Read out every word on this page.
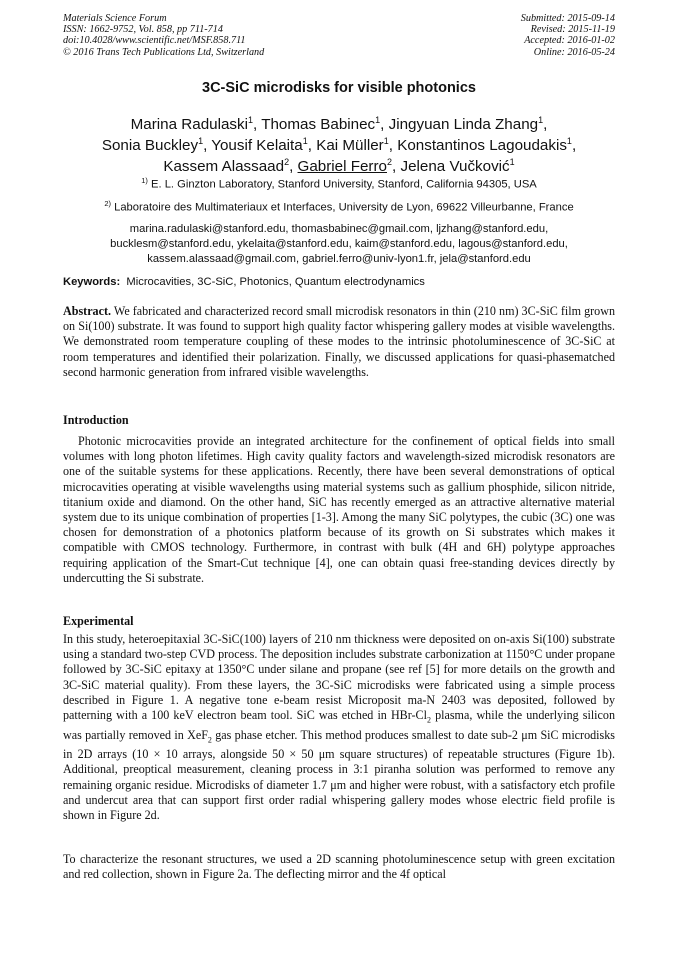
Materials Science Forum
ISSN: 1662-9752, Vol. 858, pp 711-714
doi:10.4028/www.scientific.net/MSF.858.711
© 2016 Trans Tech Publications Ltd, Switzerland
Submitted: 2015-09-14
Revised: 2015-11-19
Accepted: 2016-01-02
Online: 2016-05-24
3C-SiC microdisks for visible photonics
Marina Radulaski$^1$, Thomas Babinec$^1$, Jingyuan Linda Zhang$^1$,
Sonia Buckley$^1$, Yousif Kelaita$^1$, Kai Müller$^1$, Konstantinos Lagoudakis$^1$,
Kassem Alassaad$^2$, Gabriel Ferro$^2$, Jelena Vučković$^1$
$^{1)}$ E. L. Ginzton Laboratory, Stanford University, Stanford, California 94305, USA
$^{2)}$ Laboratoire des Multimateriaux et Interfaces, University de Lyon, 69622 Villeurbanne, France
marina.radulaski@stanford.edu, thomasbabinec@gmail.com, ljzhang@stanford.edu,
bucklesm@stanford.edu, ykelaita@stanford.edu, kaim@stanford.edu, lagous@stanford.edu,
kassem.alassaad@gmail.com, gabriel.ferro@univ-lyon1.fr, jela@stanford.edu
Keywords: Microcavities, 3C-SiC, Photonics, Quantum electrodynamics
Abstract. We fabricated and characterized record small microdisk resonators in thin (210 nm) 3C-SiC film grown on Si(100) substrate. It was found to support high quality factor whispering gallery modes at visible wavelengths. We demonstrated room temperature coupling of these modes to the intrinsic photoluminescence of 3C-SiC at room temperatures and identified their polarization. Finally, we discussed applications for quasi-phasematched second harmonic generation from infrared visible wavelengths.
Introduction
Photonic microcavities provide an integrated architecture for the confinement of optical fields into small volumes with long photon lifetimes. High cavity quality factors and wavelength-sized microdisk resonators are one of the suitable systems for these applications. Recently, there have been several demonstrations of optical microcavities operating at visible wavelengths using material systems such as gallium phosphide, silicon nitride, titanium oxide and diamond. On the other hand, SiC has recently emerged as an attractive alternative material system due to its unique combination of properties [1-3]. Among the many SiC polytypes, the cubic (3C) one was chosen for demonstration of a photonics platform because of its growth on Si substrates which makes it compatible with CMOS technology. Furthermore, in contrast with bulk (4H and 6H) polytype approaches requiring application of the Smart-Cut technique [4], one can obtain quasi free-standing devices directly by undercutting the Si substrate.
Experimental
In this study, heteroepitaxial 3C-SiC(100) layers of 210 nm thickness were deposited on on-axis Si(100) substrate using a standard two-step CVD process. The deposition includes substrate carbonization at 1150°C under propane followed by 3C-SiC epitaxy at 1350°C under silane and propane (see ref [5] for more details on the growth and 3C-SiC material quality). From these layers, the 3C-SiC microdisks were fabricated using a simple process described in Figure 1. A negative tone e-beam resist Microposit ma-N 2403 was deposited, followed by patterning with a 100 keV electron beam tool. SiC was etched in HBr-$Cl_2$ plasma, while the underlying silicon was partially removed in XeF$_2$ gas phase etcher. This method produces smallest to date sub-2 μm SiC microdisks in 2D arrays (10 × 10 arrays, alongside 50 × 50 μm square structures) of repeatable structures (Figure 1b). Additional, preoptical measurement, cleaning process in 3:1 piranha solution was performed to remove any remaining organic residue. Microdisks of diameter 1.7 μm and higher were robust, with a satisfactory etch profile and undercut area that can support first order radial whispering gallery modes whose electric field profile is shown in Figure 2d.
To characterize the resonant structures, we used a 2D scanning photoluminescence setup with green excitation and red collection, shown in Figure 2a. The deflecting mirror and the 4f optical
